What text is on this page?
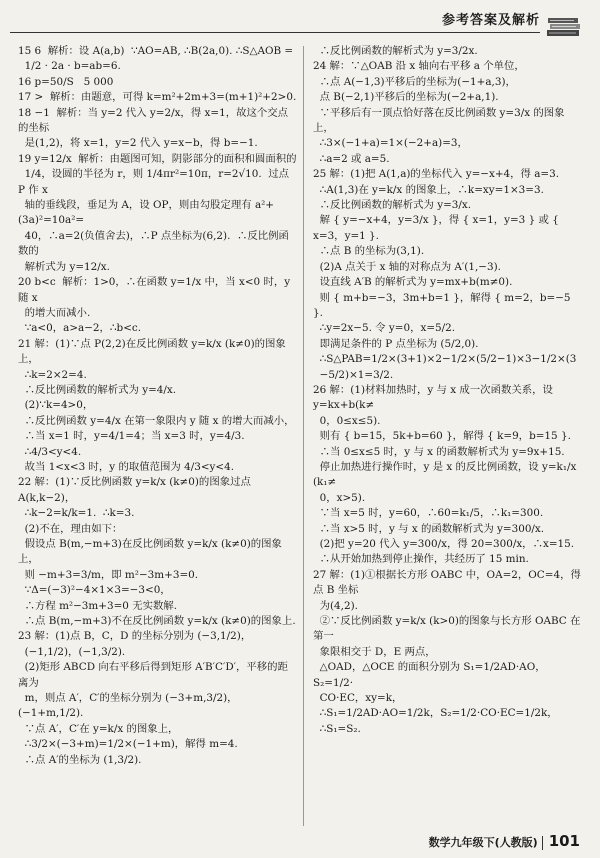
参考答案及解析

15 6  解析：设 A(a,b)  ∵AO=AB, ∴B(2a,0). ∴S△AOB =

1/2 · 2a · b=ab=6.

16 p=50/S   5 000

17 >  解析：由题意，可得 k=m²+2m+3=(m+1)²+2>0.

18 −1  解析：当 y=2 代入 y=2/x，得 x=1，故这个交点的坐标

是(1,2)，将 x=1，y=2 代入 y=x−b，得 b=−1.

19 y=12/x  解析：由题图可知，阴影部分的面积和圆面积的

1/4，设圆的半径为 r，则 1/4πr²=10π，r=2√10.  过点 P 作 x

轴的垂线段，垂足为 A，设 OP，则由勾股定理有 a²+(3a)²=10a²=

40，∴a=2(负值舍去)，∴P 点坐标为(6,2).  ∴反比例函数的

解析式为 y=12/x.

20 b<c  解析：1>0，∴在函数 y=1/x 中，当 x<0 时，y 随 x

的增大而减小.

∵a<0，a>a−2，∴b<c.

21 解：(1)∵点 P(2,2)在反比例函数 y=k/x (k≠0)的图象上，

∴k=2×2=4.

∴反比例函数的解析式为 y=4/x.

(2)∵k=4>0，

∴反比例函数 y=4/x 在第一象限内 y 随 x 的增大而减小，

∴当 x=1 时，y=4/1=4；当 x=3 时，y=4/3.

∴4/3<y<4.

故当 1<x<3 时，y 的取值范围为 4/3<y<4.

22 解：(1)∵反比例函数 y=k/x (k≠0)的图象过点 A(k,k−2)，

∴k−2=k/k=1.  ∴k=3.

(2)不在，理由如下：

假设点 B(m,−m+3)在反比例函数 y=k/x (k≠0)的图象上，

则 −m+3=3/m，即 m²−3m+3=0.

∵Δ=(−3)²−4×1×3=−3<0，

∴方程 m²−3m+3=0 无实数解.

∴点 B(m,−m+3)不在反比例函数 y=k/x (k≠0)的图象上.

23 解：(1)点 B，C，D 的坐标分别为 (−3,1/2)，

(−1,1/2)，(−1,3/2).

(2)矩形 ABCD 向右平移后得到矩形 A′B′C′D′，平移的距离为

m，则点 A′，C′的坐标分别为 (−3+m,3/2)，(−1+m,1/2).

∵点 A′，C′在 y=k/x 的图象上，

∴3/2×(−3+m)=1/2×(−1+m)，解得 m=4.

∴点 A′的坐标为 (1,3/2).

∴反比例函数的解析式为 y=3/2x.

24 解：∵△OAB 沿 x 轴向右平移 a 个单位，

∴点 A(−1,3)平移后的坐标为(−1+a,3)，

点 B(−2,1)平移后的坐标为(−2+a,1).

∵平移后有一顶点恰好落在反比例函数 y=3/x 的图象上，

∴3×(−1+a)=1×(−2+a)=3，

∴a=2 或 a=5.

25 解：(1)把 A(1,a)的坐标代入 y=−x+4，得 a=3.

∴A(1,3)在 y=k/x 的图象上，∴k=xy=1×3=3.

∴反比例函数的解析式为 y=3/x.

解 { y=−x+4，y=3/x }，得 { x=1，y=3 } 或 { x=3，y=1 }.

∴点 B 的坐标为(3,1).

(2)A 点关于 x 轴的对称点为 A′(1,−3).

设直线 A′B 的解析式为 y=mx+b(m≠0).

则 { m+b=−3，3m+b=1 }，解得 { m=2，b=−5 }.

∴y=2x−5. 令 y=0，x=5/2.

即满足条件的 P 点坐标为 (5/2,0).

∴S△PAB=1/2×(3+1)×2−1/2×(5/2−1)×3−1/2×(3

−5/2)×1=3/2.

26 解：(1)材料加热时，y 与 x 成一次函数关系，设 y=kx+b(k≠

0，0≤x≤5).

则有 { b=15，5k+b=60 }，解得 { k=9，b=15 }.

∴当 0≤x≤5 时，y 与 x 的函数解析式为 y=9x+15.

停止加热进行操作时，y 是 x 的反比例函数，设 y=k₁/x (k₁≠

0，x>5).

∵当 x=5 时，y=60，∴60=k₁/5，∴k₁=300.

∴当 x>5 时，y 与 x 的函数解析式为 y=300/x.

(2)把 y=20 代入 y=300/x，得 20=300/x，∴x=15.

∴从开始加热到停止操作，共经历了 15 min.

27 解：(1)①根据长方形 OABC 中，OA=2，OC=4，得点 B 坐标

为(4,2).

②∵反比例函数 y=k/x (k>0)的图象与长方形 OABC 在第一

象限相交于 D，E 两点，

△OAD，△OCE 的面积分别为 S₁=1/2AD·AO，S₂=1/2·

CO·EC，xy=k，

∴S₁=1/2AD·AO=1/2k，S₂=1/2·CO·EC=1/2k，

∴S₁=S₂.

数学九年级下(人教版) 101
